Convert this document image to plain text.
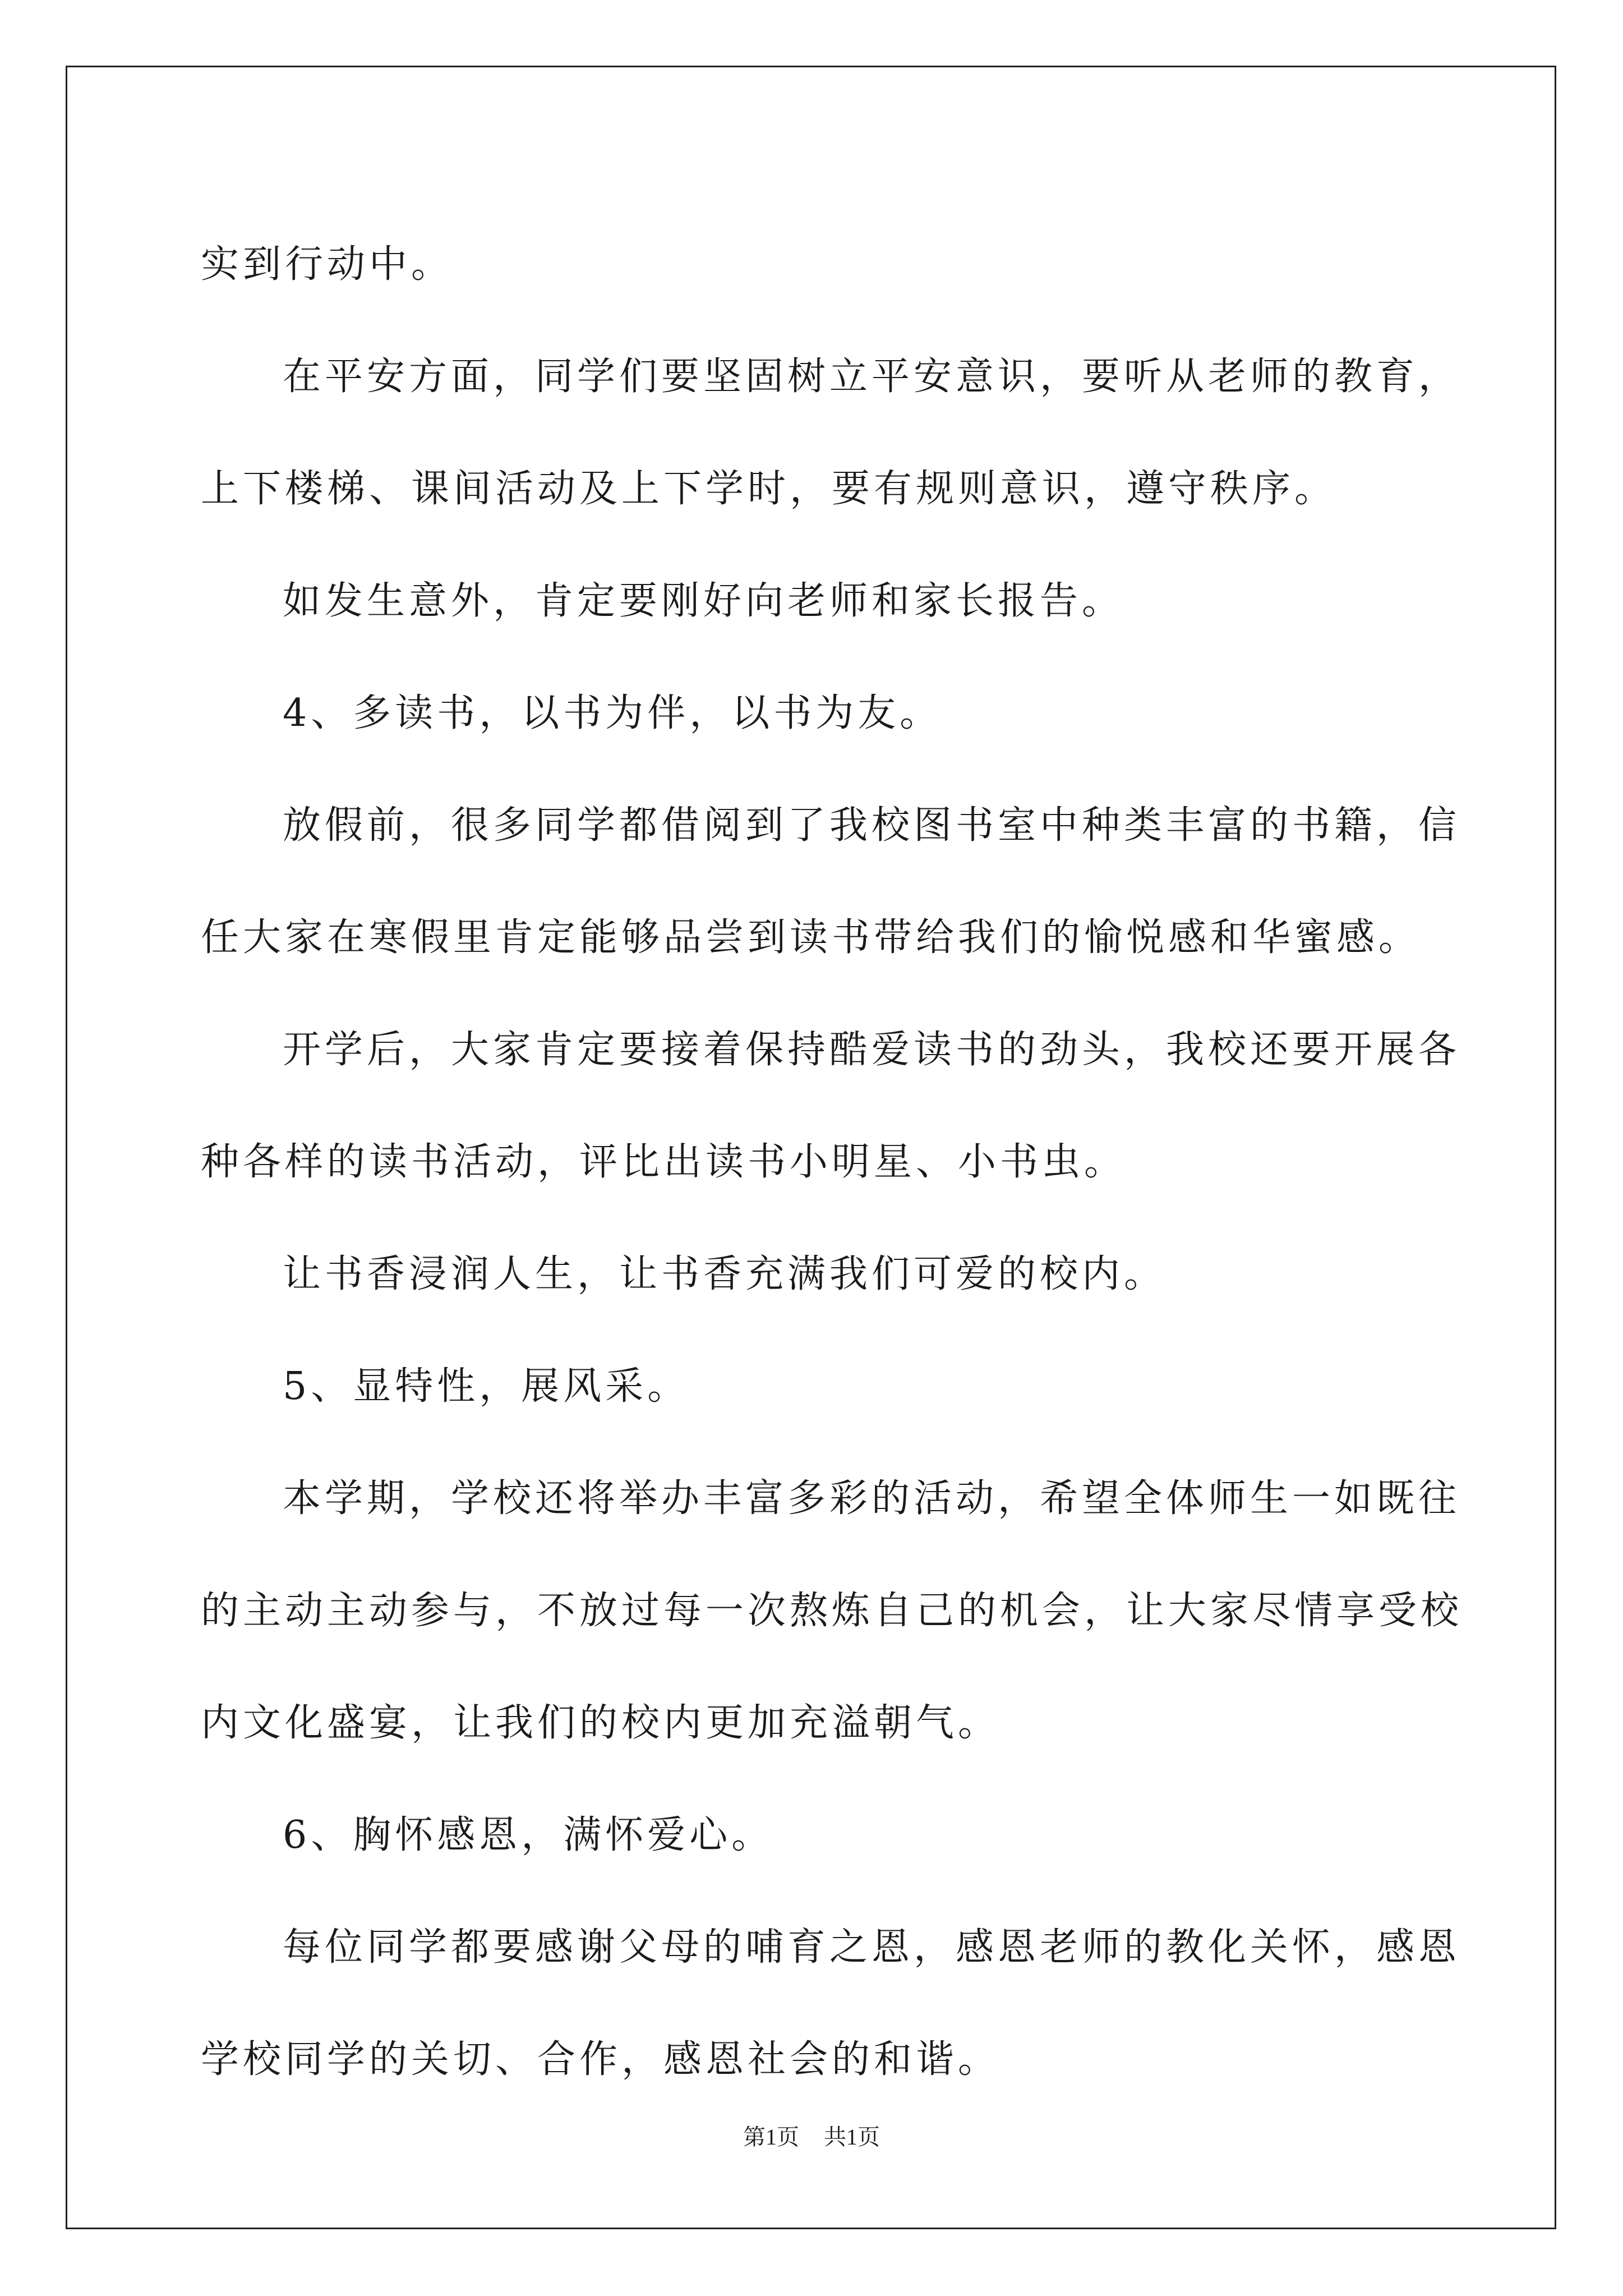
实到行动中。

在平安方面，同学们要坚固树立平安意识，要听从老师的教育，

上下楼梯、课间活动及上下学时，要有规则意识，遵守秩序。

如发生意外，肯定要刚好向老师和家长报告。

4、多读书，以书为伴，以书为友。

放假前，很多同学都借阅到了我校图书室中种类丰富的书籍，信

任大家在寒假里肯定能够品尝到读书带给我们的愉悦感和华蜜感。

开学后，大家肯定要接着保持酷爱读书的劲头，我校还要开展各

种各样的读书活动，评比出读书小明星、小书虫。

让书香浸润人生，让书香充满我们可爱的校内。

5、显特性，展风采。

本学期，学校还将举办丰富多彩的活动，希望全体师生一如既往

的主动主动参与，不放过每一次熬炼自己的机会，让大家尽情享受校

内文化盛宴，让我们的校内更加充溢朝气。

6、胸怀感恩，满怀爱心。

每位同学都要感谢父母的哺育之恩，感恩老师的教化关怀，感恩

学校同学的关切、合作，感恩社会的和谐。

第1页 共1页
